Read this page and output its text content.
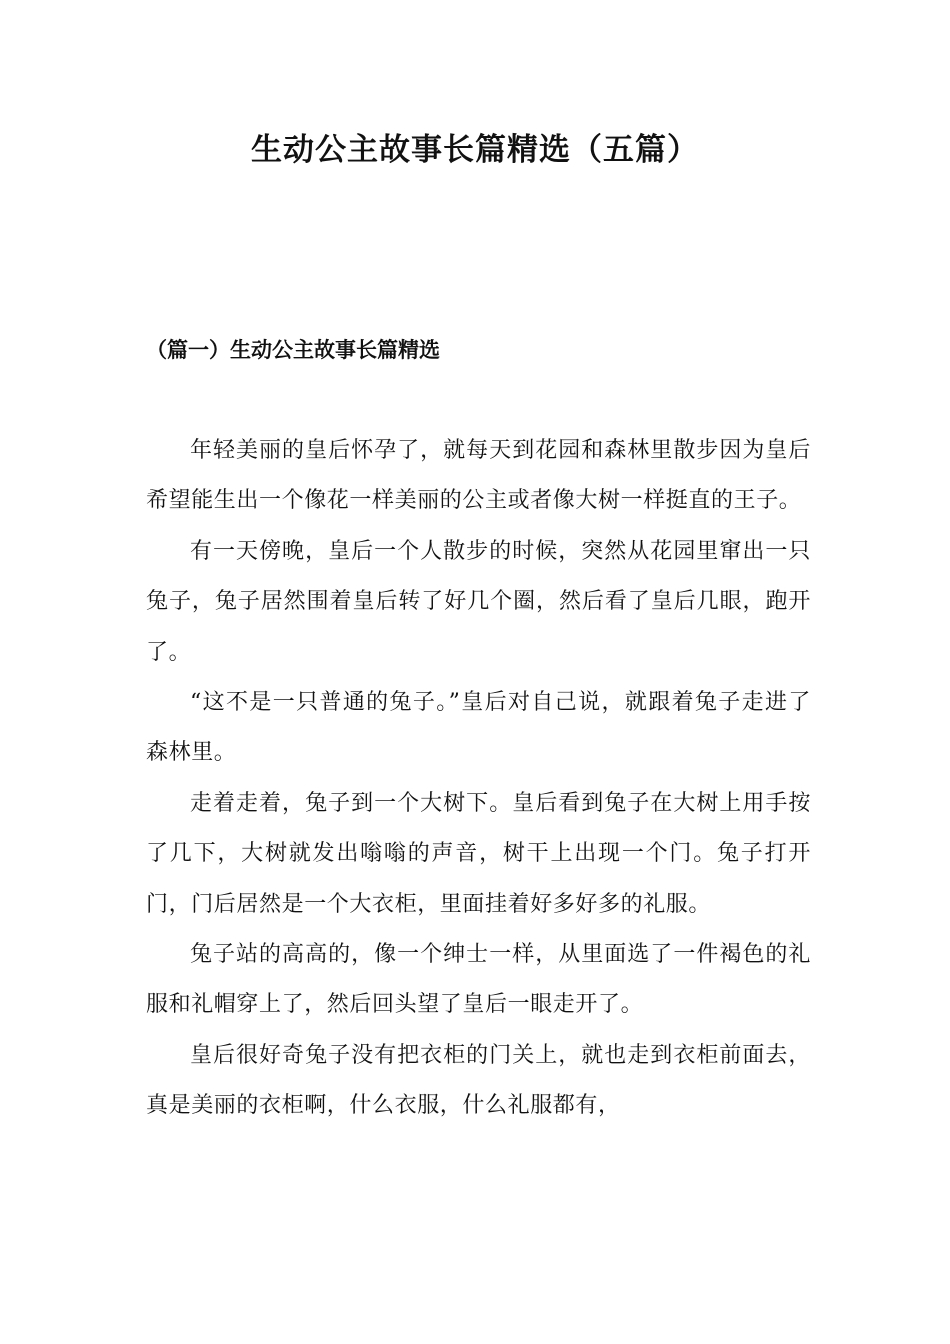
生动公主故事长篇精选（五篇）
（篇一）生动公主故事长篇精选

年轻美丽的皇后怀孕了，就每天到花园和森林里散步因为皇后希望能生出一个像花一样美丽的公主或者像大树一样挺直的王子。

有一天傍晚，皇后一个人散步的时候，突然从花园里窜出一只兔子，兔子居然围着皇后转了好几个圈，然后看了皇后几眼，跑开了。

“这不是一只普通的兔子。”皇后对自己说，就跟着兔子走进了森林里。

走着走着，兔子到一个大树下。皇后看到兔子在大树上用手按了几下，大树就发出嗡嗡的声音，树干上出现一个门。兔子打开门，门后居然是一个大衣柜，里面挂着好多好多的礼服。

兔子站的高高的，像一个绅士一样，从里面选了一件褐色的礼服和礼帽穿上了，然后回头望了皇后一眼走开了。

皇后很好奇兔子没有把衣柜的门关上，就也走到衣柜前面去，真是美丽的衣柜啊，什么衣服，什么礼服都有，
